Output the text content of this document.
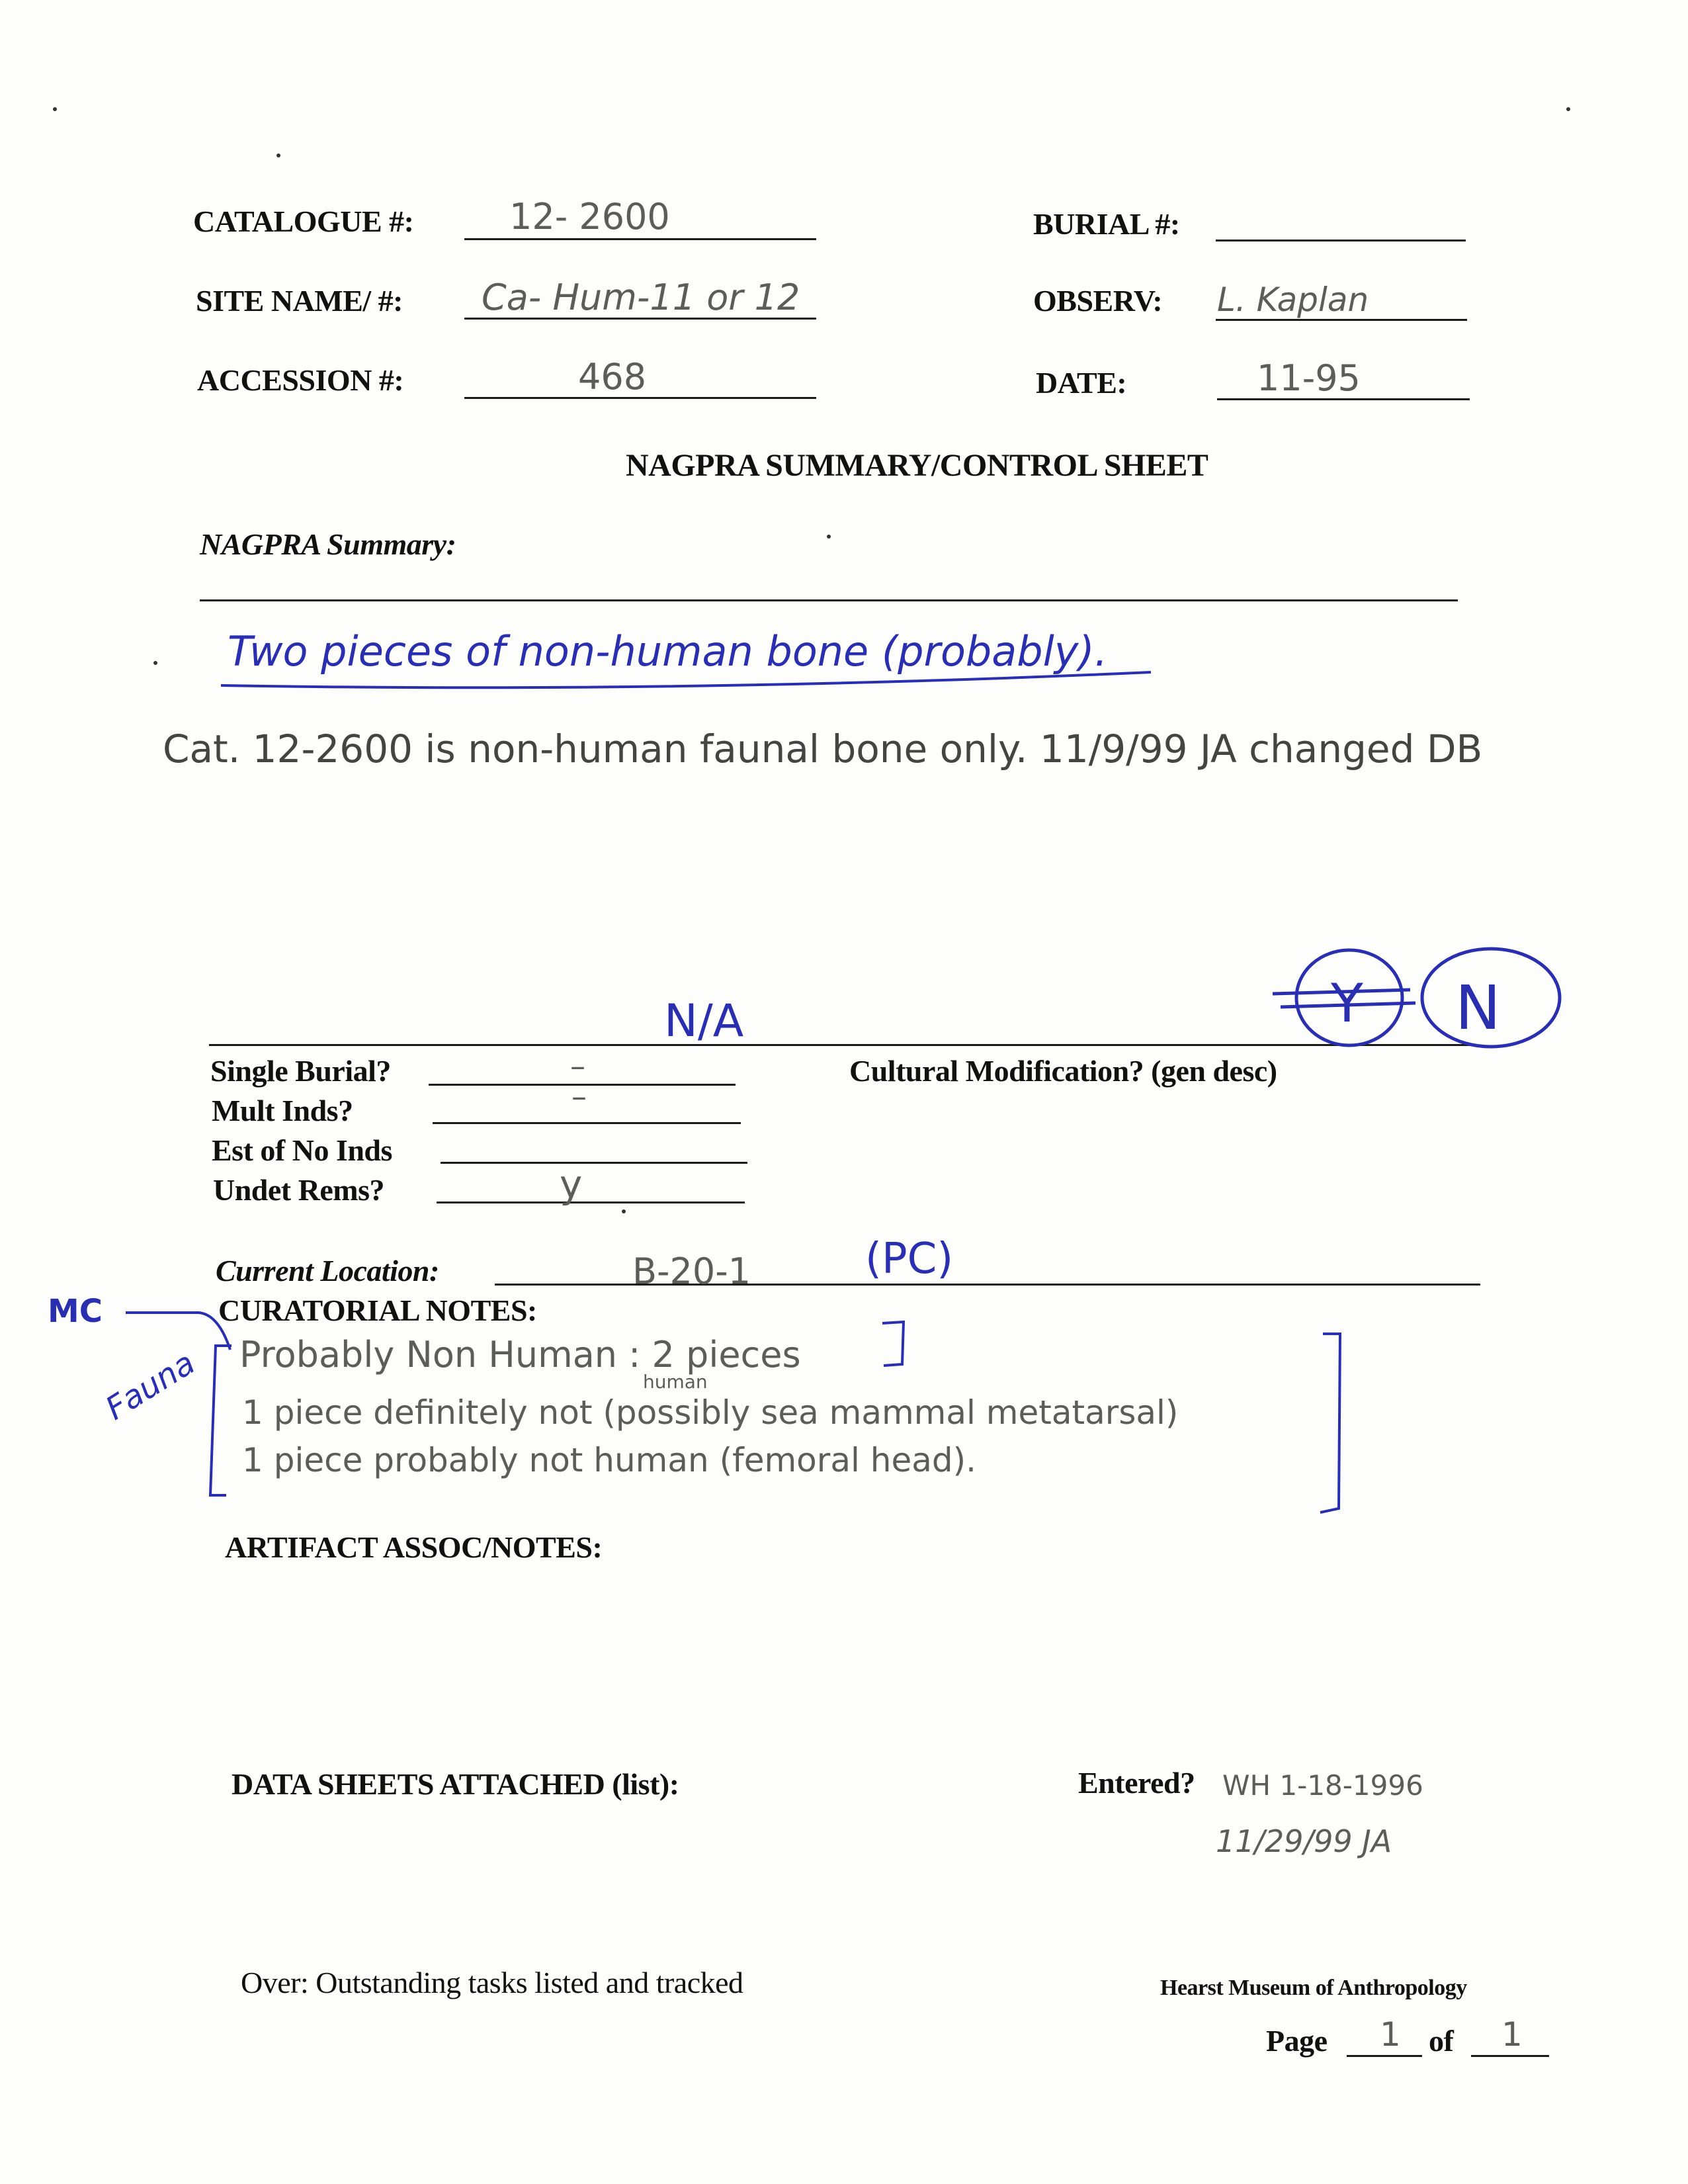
CATALOGUE #:	12- 2600	BURIAL #:
SITE NAME/ #: Ca- Hum-11 or 12	OBSERV: L. Kaplan
ACCESSION #:	468	DATE:	11-95
NAGPRA SUMMARY/CONTROL SHEET
NAGPRA Summary:
Two pieces of non-human bone (probably).
Cat. 12-2600 is non-human faunal bone only. 11/9/99 JA changed DB
N/A	Y N
Single Burial?	–	Cultural Modification? (gen desc)
Mult Inds?	–
Est of No Inds
Undet Rems?	y
Current Location:	B-20-1	(PC)
CURATORIAL NOTES:
MC
Fauna Probably Non Human : 2 pieces
human
1 piece definitely not (possibly sea mammal metatarsal)
1 piece probably not human (femoral head).
ARTIFACT ASSOC/NOTES:
DATA SHEETS ATTACHED (list):	Entered? WH 1-18-1996
11/29/99 JA
Over: Outstanding tasks listed and tracked	Hearst Museum of Anthropology
Page 1 of 1
